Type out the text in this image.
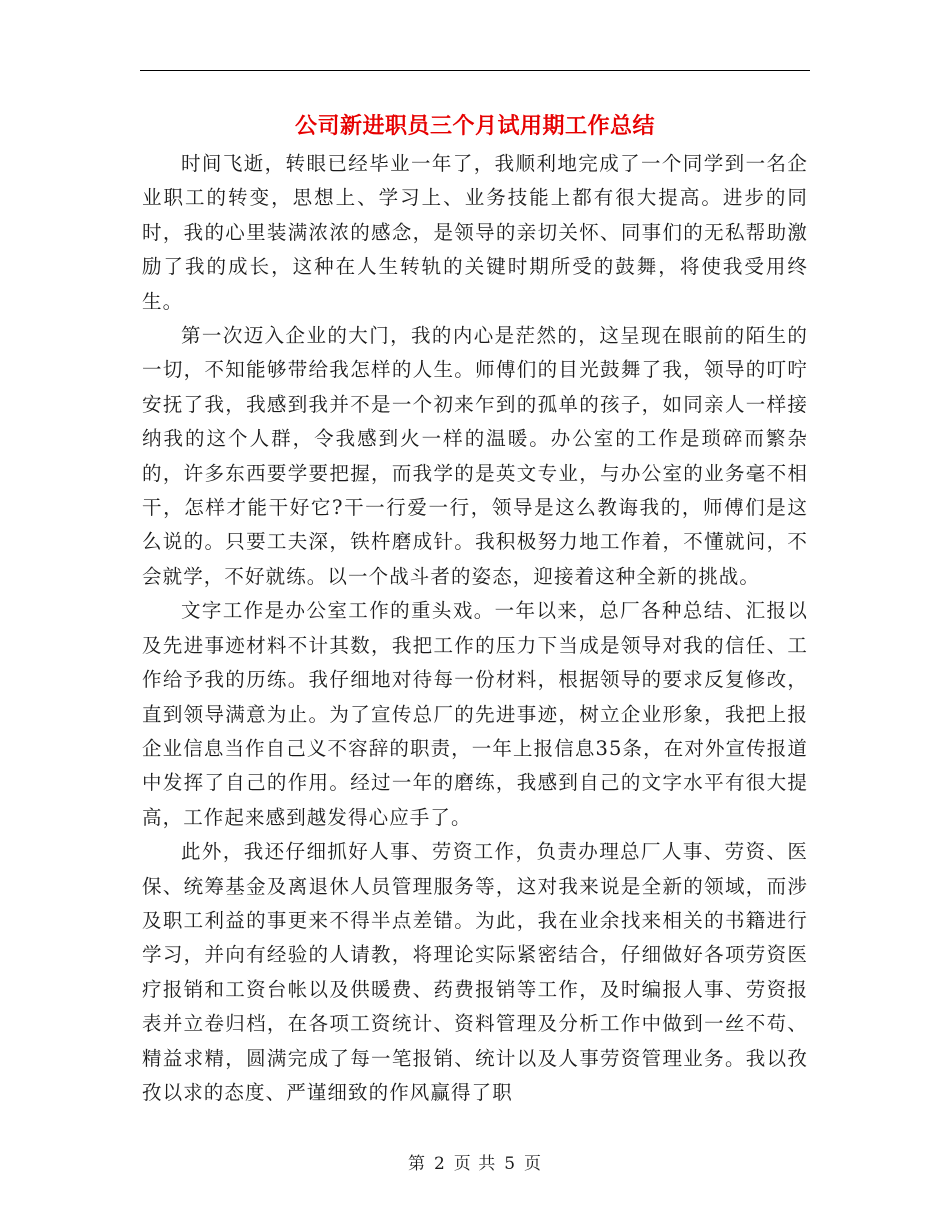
公司新进职员三个月试用期工作总结

时间飞逝，转眼已经毕业一年了，我顺利地完成了一个同学到一名企业职工的转变，思想上、学习上、业务技能上都有很大提高。进步的同时，我的心里装满浓浓的感念，是领导的亲切关怀、同事们的无私帮助激励了我的成长，这种在人生转轨的关键时期所受的鼓舞，将使我受用终生。

第一次迈入企业的大门，我的内心是茫然的，这呈现在眼前的陌生的一切，不知能够带给我怎样的人生。师傅们的目光鼓舞了我，领导的叮咛安抚了我，我感到我并不是一个初来乍到的孤单的孩子，如同亲人一样接纳我的这个人群，令我感到火一样的温暖。办公室的工作是琐碎而繁杂的，许多东西要学要把握，而我学的是英文专业，与办公室的业务毫不相干，怎样才能干好它?干一行爱一行，领导是这么教诲我的，师傅们是这么说的。只要工夫深，铁杵磨成针。我积极努力地工作着，不懂就问，不会就学，不好就练。以一个战斗者的姿态，迎接着这种全新的挑战。

文字工作是办公室工作的重头戏。一年以来，总厂各种总结、汇报以及先进事迹材料不计其数，我把工作的压力下当成是领导对我的信任、工作给予我的历练。我仔细地对待每一份材料，根据领导的要求反复修改，直到领导满意为止。为了宣传总厂的先进事迹，树立企业形象，我把上报企业信息当作自己义不容辞的职责，一年上报信息35条，在对外宣传报道中发挥了自己的作用。经过一年的磨练，我感到自己的文字水平有很大提高，工作起来感到越发得心应手了。

此外，我还仔细抓好人事、劳资工作，负责办理总厂人事、劳资、医保、统筹基金及离退休人员管理服务等，这对我来说是全新的领域，而涉及职工利益的事更来不得半点差错。为此，我在业余找来相关的书籍进行学习，并向有经验的人请教，将理论实际紧密结合，仔细做好各项劳资医疗报销和工资台帐以及供暖费、药费报销等工作，及时编报人事、劳资报表并立卷归档，在各项工资统计、资料管理及分析工作中做到一丝不苟、精益求精，圆满完成了每一笔报销、统计以及人事劳资管理业务。我以孜孜以求的态度、严谨细致的作风赢得了职

第 2 页 共 5 页
